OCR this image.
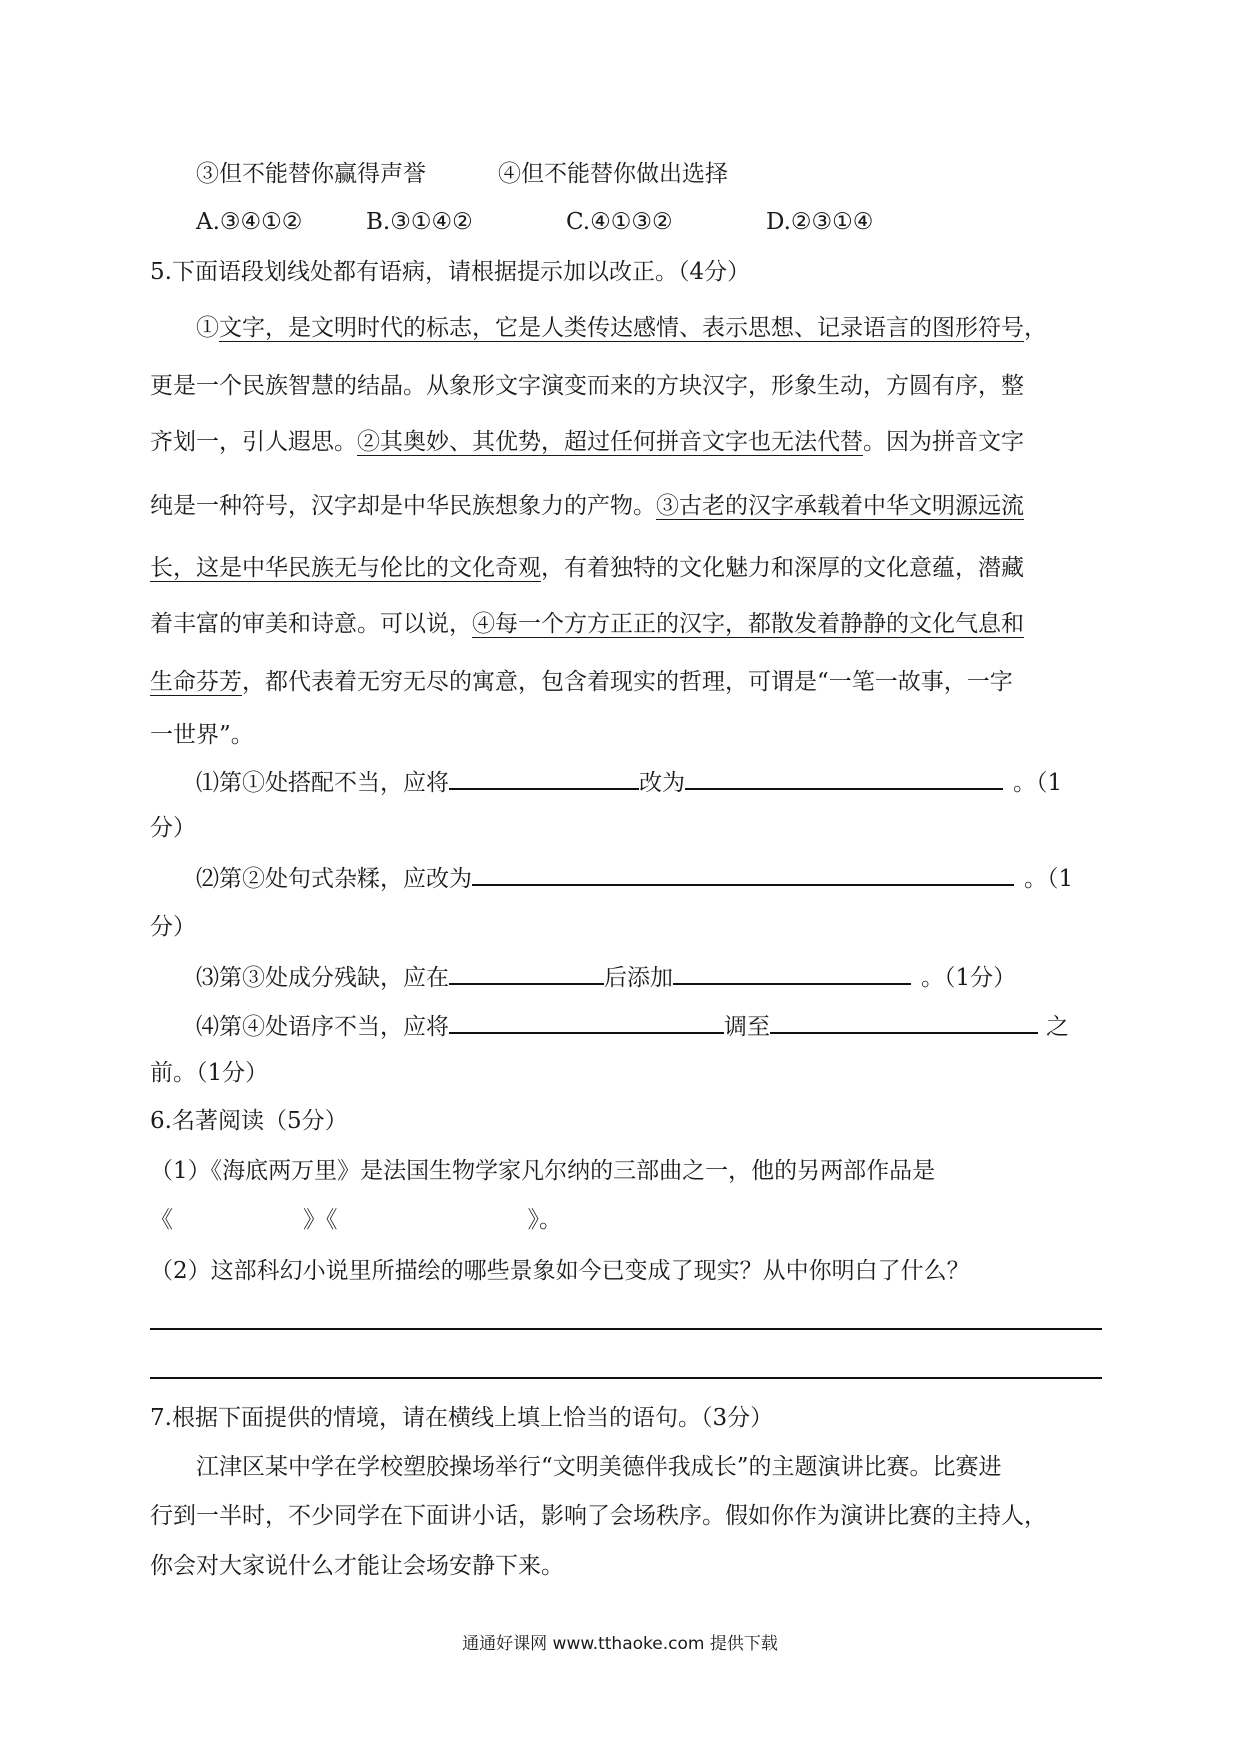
③但不能替你赢得声誉	④但不能替你做出选择
A.③④①②	B.③①④②	C.④①③②	D.②③①④
5.下面语段划线处都有语病，请根据提示加以改正。（4分）
①文字，是文明时代的标志，它是人类传达感情、表示思想、记录语言的图形符号，
更是一个民族智慧的结晶。从象形文字演变而来的方块汉字，形象生动，方圆有序，整
齐划一，引人遐思。②其奥妙、其优势，超过任何拼音文字也无法代替。因为拼音文字
纯是一种符号，汉字却是中华民族想象力的产物。③古老的汉字承载着中华文明源远流
长，这是中华民族无与伦比的文化奇观，有着独特的文化魅力和深厚的文化意蕴，潜藏
着丰富的审美和诗意。可以说，④每一个方方正正的汉字，都散发着静静的文化气息和
生命芬芳，都代表着无穷无尽的寓意，包含着现实的哲理，可谓是“一笔一故事，一字
一世界”。
⑴第①处搭配不当，应将	改为	。（1
分）
⑵第②处句式杂糅，应改为	。（1
分）
⑶第③处成分残缺，应在	后添加	。（1分）
⑷第④处语序不当，应将	调至	之
前。（1分）
6.名著阅读（5分）
（1）《海底两万里》是法国生物学家凡尔纳的三部曲之一，他的另两部作品是
《	》《	》。
（2）这部科幻小说里所描绘的哪些景象如今已变成了现实？从中你明白了什么？
7.根据下面提供的情境，请在横线上填上恰当的语句。（3分）
江津区某中学在学校塑胶操场举行“文明美德伴我成长”的主题演讲比赛。比赛进
行到一半时，不少同学在下面讲小话，影响了会场秩序。假如你作为演讲比赛的主持人，
你会对大家说什么才能让会场安静下来。
通通好课网 www.tthaoke.com 提供下载
